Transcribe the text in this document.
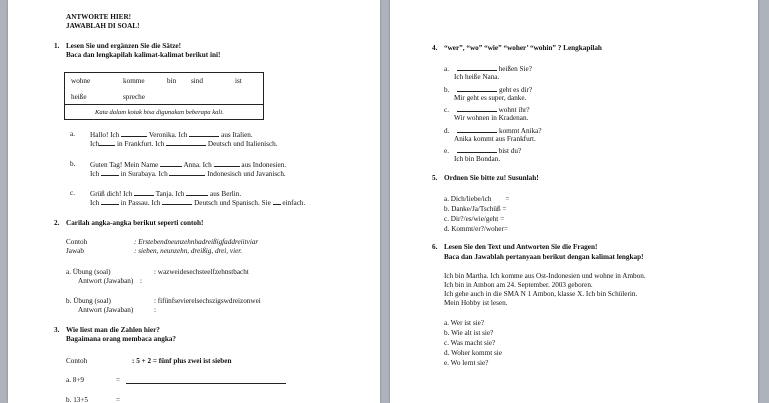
ANTWORTE HIER!
JAWABLAH DI SOAL!
1. Lesen Sie und ergänzen Sie die Sätze!
Baca dan lengkapilah kalimat-kalimat berikut ini!
wohne	komme	bin sind	ist
heiße	spreche
Kata dalam kotak bisa digunakan beberapa kali.
a. Hallo! Ich	Veronika. Ich	aus Italien.
Ich in Frankfurt. Ich	Deutsch und Italienisch.
b. Guten Tag! Mein Name	Anna. Ich	aus Indonesien.
Ich	in Surabaya. Ich	Indonesisch und Javanisch.
c. Grüß dich! Ich	Tanja. Ich	aus Berlin.
Ich	in Passau. Ich	Deutsch und Spanisch. Sie einfach.
2. Carilah angka-angka berikut seperti contoh!
Contoh	: Erstebendneunzehnhadreißigfaddreiitviar
Jawab	: sieben, neunzehn, dreißig, drei, vier.
a. Übung (soal)	: wazweidesechsteelfzehnstbacht
Antwort (Jawaban) :
b. Übung (soal)	: fifünfsevierelsechszigswdreizonwei
Antwort (Jawaban)	:
3. Wie liest man die Zahlen hier?
Bagaimana orang membaca angka?
Contoh	: 5 + 2 = fünf plus zwei ist sieben
a. 8+9	=
b. 13+5	=
4. “wer”, “wo” “wie” “woher’ “wohin” ? Lengkapilah
a.	heißen Sie?
Ich heiße Nana.
b.	geht es dir?
Mir geht es super, danke.
c.	wohnt ihr?
Wir wohnen in Kradenan.
d.	kommt Anika?
Anika kommt aus Frankfurt.
e.	bist du?
Ich bin Bondan.
5. Ordnen Sie bitte zu! Susunlah!
a. Dich/liebe/ich =
b. Danke/Ja/Tschüß =
c. Dir?/es/wie/geht =
d. Kommt/er?/woher=
6. Lesen Sie den Text und Antworten Sie die Fragen!
Baca dan Jawablah pertanyaan berikut dengan kalimat lengkap!
Ich bin Martha. Ich komme aus Ost-Indonesien und wohne in Ambon.
Ich bin in Ambon am 24. September. 2003 geboren.
Ich gehe auch in die SMA N 1 Ambon, klasse X. Ich bin Schülerin.
Mein Hobby ist lesen.
a. Wer ist sie?
b. Wie alt ist sie?
c. Was macht sie?
d. Woher kommt sie
e. Wo lernt sie?
